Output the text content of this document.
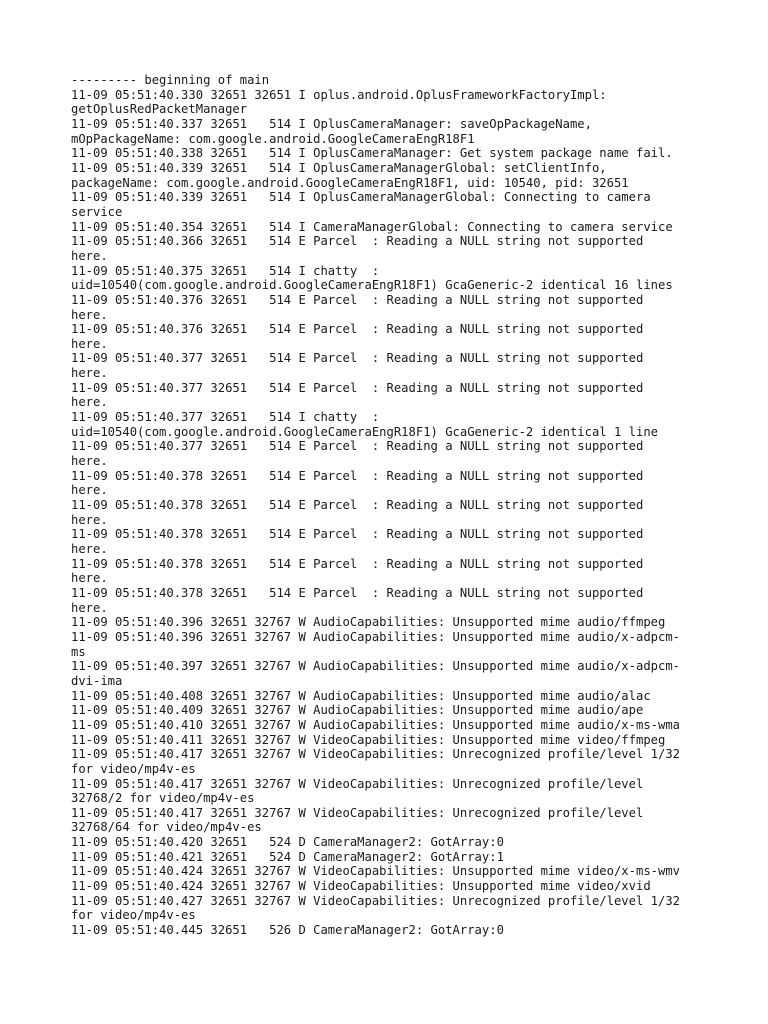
--------- beginning of main
11-09 05:51:40.330 32651 32651 I oplus.android.OplusFrameworkFactoryImpl:
getOplusRedPacketManager
11-09 05:51:40.337 32651   514 I OplusCameraManager: saveOpPackageName,
mOpPackageName: com.google.android.GoogleCameraEngR18F1
11-09 05:51:40.338 32651   514 I OplusCameraManager: Get system package name fail.
11-09 05:51:40.339 32651   514 I OplusCameraManagerGlobal: setClientInfo,
packageName: com.google.android.GoogleCameraEngR18F1, uid: 10540, pid: 32651
11-09 05:51:40.339 32651   514 I OplusCameraManagerGlobal: Connecting to camera
service
11-09 05:51:40.354 32651   514 I CameraManagerGlobal: Connecting to camera service
11-09 05:51:40.366 32651   514 E Parcel  : Reading a NULL string not supported
here.
11-09 05:51:40.375 32651   514 I chatty  :
uid=10540(com.google.android.GoogleCameraEngR18F1) GcaGeneric-2 identical 16 lines
11-09 05:51:40.376 32651   514 E Parcel  : Reading a NULL string not supported
here.
11-09 05:51:40.376 32651   514 E Parcel  : Reading a NULL string not supported
here.
11-09 05:51:40.377 32651   514 E Parcel  : Reading a NULL string not supported
here.
11-09 05:51:40.377 32651   514 E Parcel  : Reading a NULL string not supported
here.
11-09 05:51:40.377 32651   514 I chatty  :
uid=10540(com.google.android.GoogleCameraEngR18F1) GcaGeneric-2 identical 1 line
11-09 05:51:40.377 32651   514 E Parcel  : Reading a NULL string not supported
here.
11-09 05:51:40.378 32651   514 E Parcel  : Reading a NULL string not supported
here.
11-09 05:51:40.378 32651   514 E Parcel  : Reading a NULL string not supported
here.
11-09 05:51:40.378 32651   514 E Parcel  : Reading a NULL string not supported
here.
11-09 05:51:40.378 32651   514 E Parcel  : Reading a NULL string not supported
here.
11-09 05:51:40.378 32651   514 E Parcel  : Reading a NULL string not supported
here.
11-09 05:51:40.396 32651 32767 W AudioCapabilities: Unsupported mime audio/ffmpeg
11-09 05:51:40.396 32651 32767 W AudioCapabilities: Unsupported mime audio/x-adpcm-
ms
11-09 05:51:40.397 32651 32767 W AudioCapabilities: Unsupported mime audio/x-adpcm-
dvi-ima
11-09 05:51:40.408 32651 32767 W AudioCapabilities: Unsupported mime audio/alac
11-09 05:51:40.409 32651 32767 W AudioCapabilities: Unsupported mime audio/ape
11-09 05:51:40.410 32651 32767 W AudioCapabilities: Unsupported mime audio/x-ms-wma
11-09 05:51:40.411 32651 32767 W VideoCapabilities: Unsupported mime video/ffmpeg
11-09 05:51:40.417 32651 32767 W VideoCapabilities: Unrecognized profile/level 1/32
for video/mp4v-es
11-09 05:51:40.417 32651 32767 W VideoCapabilities: Unrecognized profile/level
32768/2 for video/mp4v-es
11-09 05:51:40.417 32651 32767 W VideoCapabilities: Unrecognized profile/level
32768/64 for video/mp4v-es
11-09 05:51:40.420 32651   524 D CameraManager2: GotArray:0
11-09 05:51:40.421 32651   524 D CameraManager2: GotArray:1
11-09 05:51:40.424 32651 32767 W VideoCapabilities: Unsupported mime video/x-ms-wmv
11-09 05:51:40.424 32651 32767 W VideoCapabilities: Unsupported mime video/xvid
11-09 05:51:40.427 32651 32767 W VideoCapabilities: Unrecognized profile/level 1/32
for video/mp4v-es
11-09 05:51:40.445 32651   526 D CameraManager2: GotArray:0
